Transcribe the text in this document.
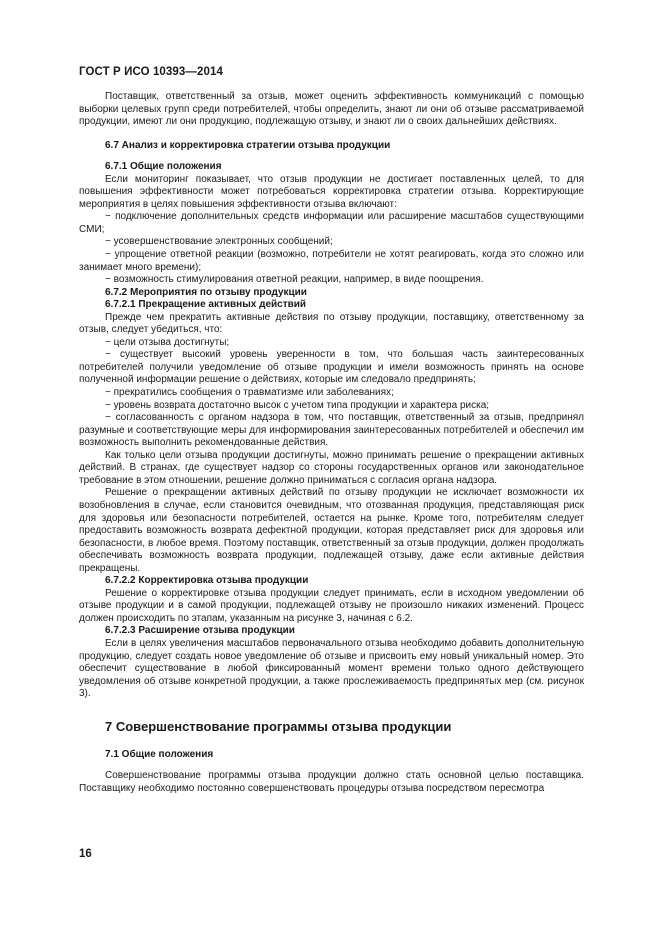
ГОСТ Р ИСО 10393—2014

Поставщик, ответственный за отзыв, может оценить эффективность коммуникаций с помощью выборки целевых групп среди потребителей, чтобы определить, знают ли они об отзыве рассматриваемой продукции, имеют ли они продукцию, подлежащую отзыву, и знают ли о своих дальнейших действиях.

6.7 Анализ и корректировка стратегии отзыва продукции

6.7.1 Общие положения

Если мониторинг показывает, что отзыв продукции не достигает поставленных целей, то для повышения эффективности может потребоваться корректировка стратегии отзыва. Корректирующие мероприятия в целях повышения эффективности отзыва включают:

− подключение дополнительных средств информации или расширение масштабов существующими СМИ;

− усовершенствование электронных сообщений;

− упрощение ответной реакции (возможно, потребители не хотят реагировать, когда это сложно или занимает много времени);

− возможность стимулирования ответной реакции, например, в виде поощрения.

6.7.2 Мероприятия по отзыву продукции

6.7.2.1 Прекращение активных действий

Прежде чем прекратить активные действия по отзыву продукции, поставщику, ответственному за отзыв, следует убедиться, что:

− цели отзыва достигнуты;

− существует высокий уровень уверенности в том, что большая часть заинтересованных потребителей получили уведомление об отзыве продукции и имели возможность принять на основе полученной информации решение о действиях, которые им следовало предпринять;

− прекратились сообщения о травматизме или заболеваниях;

− уровень возврата достаточно высок с учетом типа продукции и характера риска;

− согласованность с органом надзора в том, что поставщик, ответственный за отзыв, предпринял разумные и соответствующие меры для информирования заинтересованных потребителей и обеспечил им возможность выполнить рекомендованные действия.

Как только цели отзыва продукции достигнуты, можно принимать решение о прекращении активных действий. В странах, где существует надзор со стороны государственных органов или законодательное требование в этом отношении, решение должно приниматься с согласия органа надзора.

Решение о прекращении активных действий по отзыву продукции не исключает возможности их возобновления в случае, если становится очевидным, что отозванная продукция, представляющая риск для здоровья или безопасности потребителей, остается на рынке. Кроме того, потребителям следует предоставить возможность возврата дефектной продукции, которая представляет риск для здоровья или безопасности, в любое время. Поэтому поставщик, ответственный за отзыв продукции, должен продолжать обеспечивать возможность возврата продукции, подлежащей отзыву, даже если активные действия прекращены.

6.7.2.2 Корректировка отзыва продукции

Решение о корректировке отзыва продукции следует принимать, если в исходном уведомлении об отзыве продукции и в самой продукции, подлежащей отзыву не произошло никаких изменений. Процесс должен происходить по этапам, указанным на рисунке 3, начиная с 6.2.

6.7.2.3 Расширение отзыва продукции

Если в целях увеличения масштабов первоначального отзыва необходимо добавить дополнительную продукцию, следует создать новое уведомление об отзыве и присвоить ему новый уникальный номер. Это обеспечит существование в любой фиксированный момент времени только одного действующего уведомления об отзыве конкретной продукции, а также прослеживаемость предпринятых мер (см. рисунок 3).

7 Совершенствование программы отзыва продукции

7.1 Общие положения

Совершенствование программы отзыва продукции должно стать основной целью поставщика. Поставщику необходимо постоянно совершенствовать процедуры отзыва посредством пересмотра

16
